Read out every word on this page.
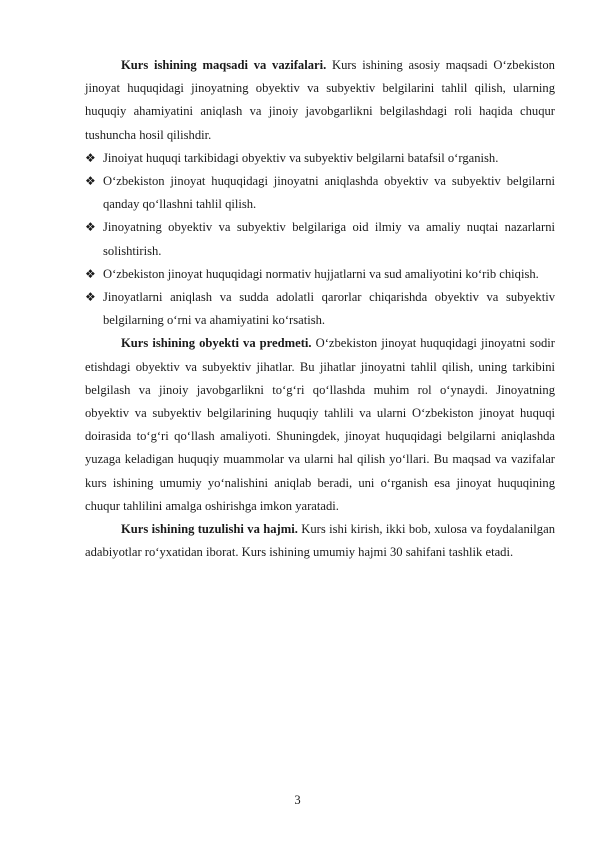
Kurs ishining maqsadi va vazifalari. Kurs ishining asosiy maqsadi O‘zbekiston jinoyat huquqidagi jinoyatning obyektiv va subyektiv belgilarini tahlil qilish, ularning huquqiy ahamiyatini aniqlash va jinoiy javobgarlikni belgilashdagi roli haqida chuqur tushuncha hosil qilishdir.

❖ Jinoiyat huquqi tarkibidagi obyektiv va subyektiv belgilarni batafsil o‘rganish.
❖ O‘zbekiston jinoyat huquqidagi jinoyatni aniqlashda obyektiv va subyektiv belgilarni qanday qo‘llashni tahlil qilish.
❖ Jinoyatning obyektiv va subyektiv belgilariga oid ilmiy va amaliy nuqtai nazarlarni solishtirish.
❖ O‘zbekiston jinoyat huquqidagi normativ hujjatlarni va sud amaliyotini ko‘rib chiqish.
❖ Jinoyatlarni aniqlash va sudda adolatli qarorlar chiqarishda obyektiv va subyektiv belgilarning o‘rni va ahamiyatini ko‘rsatish.

Kurs ishining obyekti va predmeti. O‘zbekiston jinoyat huquqidagi jinoyatni sodir etishdagi obyektiv va subyektiv jihatlar. Bu jihatlar jinoyatni tahlil qilish, uning tarkibini belgilash va jinoiy javobgarlikni to‘g‘ri qo‘llashda muhim rol o‘ynaydi. Jinoyatning obyektiv va subyektiv belgilarining huquqiy tahlili va ularni O‘zbekiston jinoyat huquqi doirasida to‘g‘ri qo‘llash amaliyoti. Shuningdek, jinoyat huquqidagi belgilarni aniqlashda yuzaga keladigan huquqiy muammolar va ularni hal qilish yo‘llari. Bu maqsad va vazifalar kurs ishining umumiy yo‘nalishini aniqlab beradi, uni o‘rganish esa jinoyat huquqining chuqur tahlilini amalga oshirishga imkon yaratadi.

Kurs ishining tuzulishi va hajmi. Kurs ishi kirish, ikki bob, xulosa va foydalanilgan adabiyotlar ro‘yxatidan iborat. Kurs ishining umumiy hajmi 30 sahifani tashlik etadi.

3
